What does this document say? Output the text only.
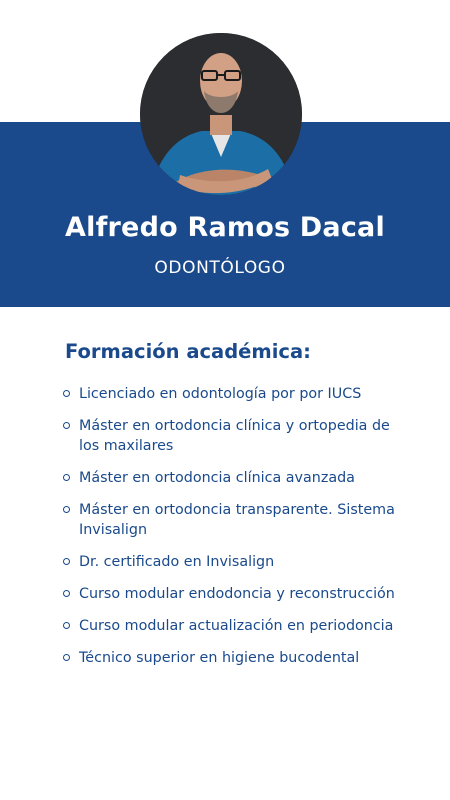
Alfredo Ramos Dacal
ODONTÓLOGO
Formación académica:
Licenciado en odontología por por IUCS
Máster en ortodoncia clínica y ortopedia de los maxilares
Máster en ortodoncia clínica avanzada
Máster en ortodoncia transparente. Sistema Invisalign
Dr. certificado en Invisalign
Curso modular endodoncia y reconstrucción
Curso modular actualización en periodoncia
Técnico superior en higiene bucodental
